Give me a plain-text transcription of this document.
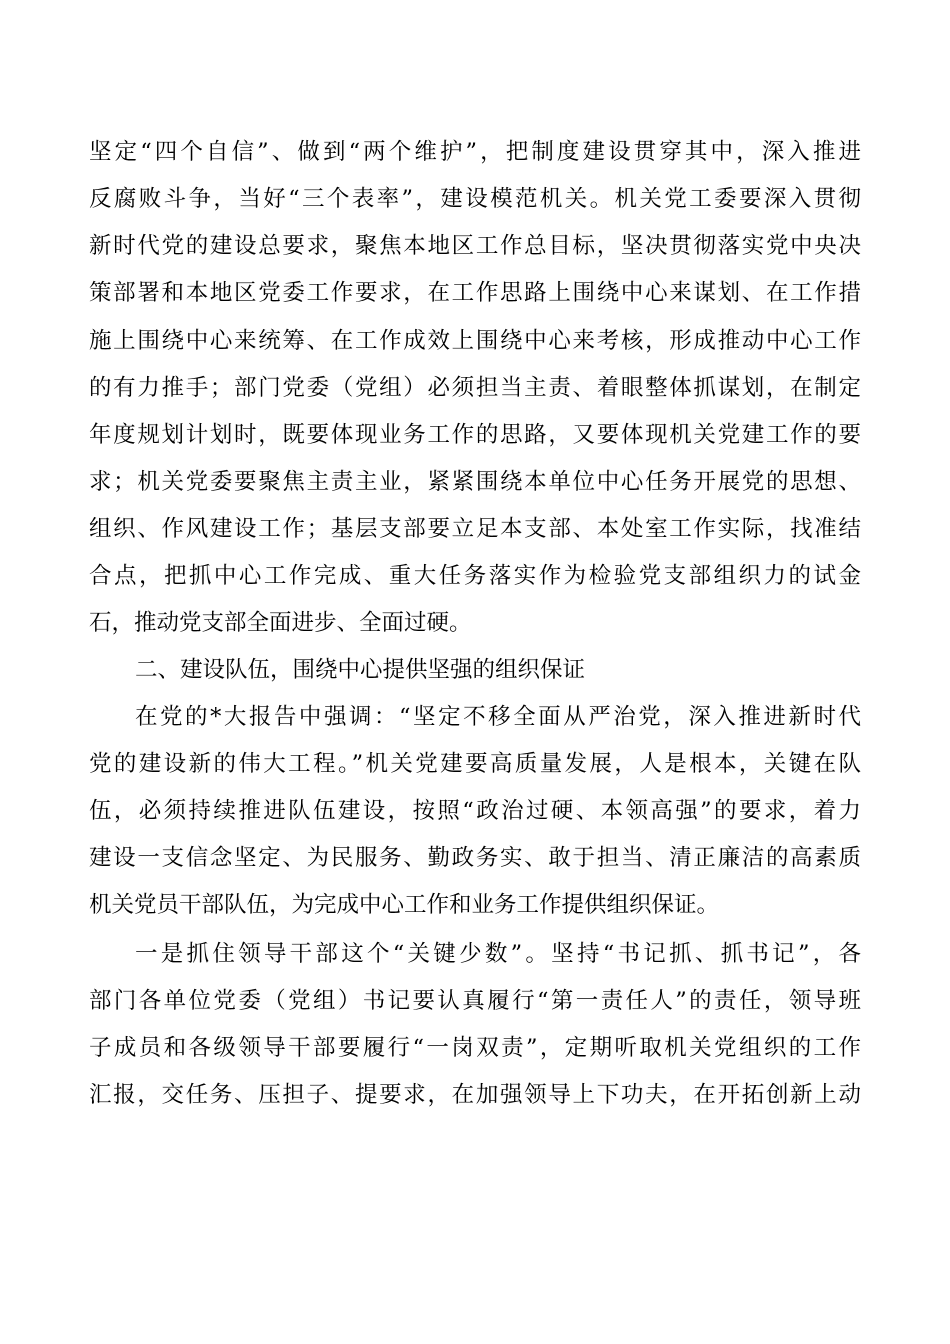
坚定“四个自信”、做到“两个维护”，把制度建设贯穿其中，深入推进
反腐败斗争，当好“三个表率”，建设模范机关。机关党工委要深入贯彻
新时代党的建设总要求，聚焦本地区工作总目标，坚决贯彻落实党中央决
策部署和本地区党委工作要求，在工作思路上围绕中心来谋划、在工作措
施上围绕中心来统筹、在工作成效上围绕中心来考核，形成推动中心工作
的有力推手；部门党委（党组）必须担当主责、着眼整体抓谋划，在制定
年度规划计划时，既要体现业务工作的思路，又要体现机关党建工作的要
求；机关党委要聚焦主责主业，紧紧围绕本单位中心任务开展党的思想、
组织、作风建设工作；基层支部要立足本支部、本处室工作实际，找准结
合点，把抓中心工作完成、重大任务落实作为检验党支部组织力的试金
石，推动党支部全面进步、全面过硬。
二、建设队伍，围绕中心提供坚强的组织保证
在党的*大报告中强调：“坚定不移全面从严治党，深入推进新时代
党的建设新的伟大工程。”机关党建要高质量发展，人是根本，关键在队
伍，必须持续推进队伍建设，按照“政治过硬、本领高强”的要求，着力
建设一支信念坚定、为民服务、勤政务实、敢于担当、清正廉洁的高素质
机关党员干部队伍，为完成中心工作和业务工作提供组织保证。
一是抓住领导干部这个“关键少数”。坚持“书记抓、抓书记”，各
部门各单位党委（党组）书记要认真履行“第一责任人”的责任，领导班
子成员和各级领导干部要履行“一岗双责”，定期听取机关党组织的工作
汇报，交任务、压担子、提要求，在加强领导上下功夫，在开拓创新上动
